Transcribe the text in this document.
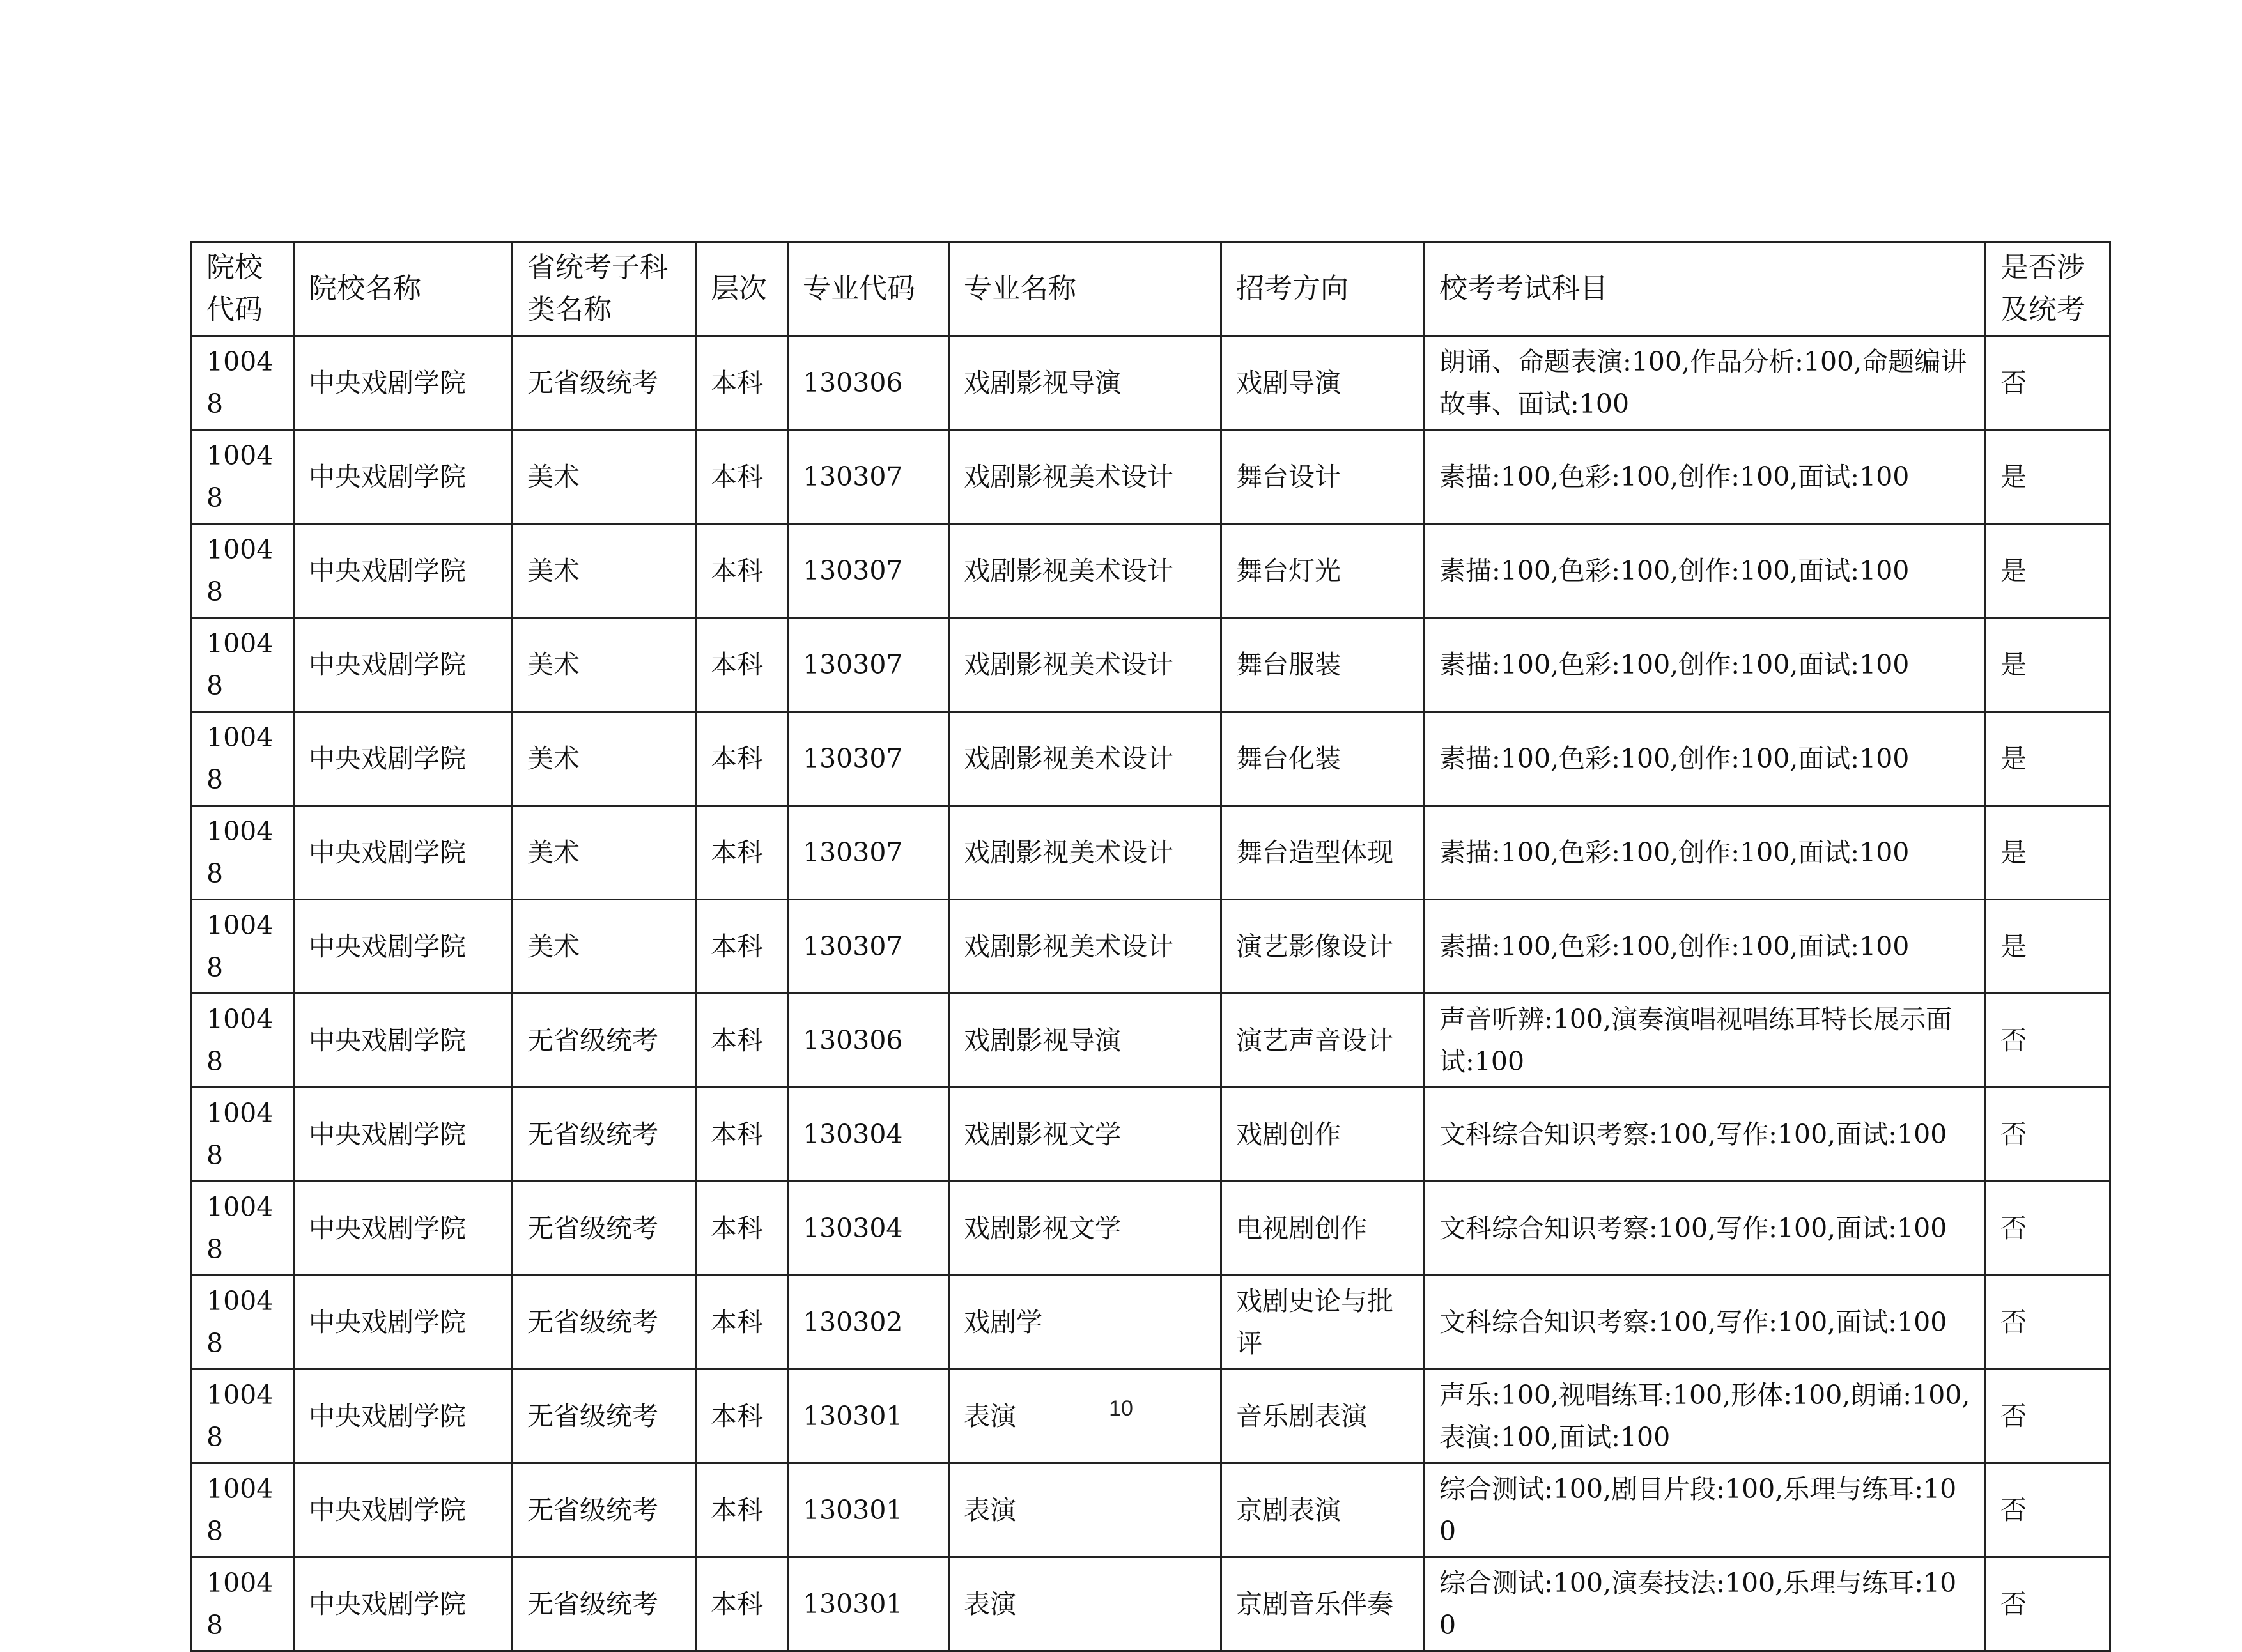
院校代码	院校名称	省统考子科类名称	层次	专业代码	专业名称	招考方向	校考考试科目	是否涉及统考
10048	中央戏剧学院	无省级统考	本科	130306	戏剧影视导演	戏剧导演	朗诵、命题表演:100,作品分析:100,命题编讲故事、面试:100	否
10048	中央戏剧学院	美术	本科	130307	戏剧影视美术设计	舞台设计	素描:100,色彩:100,创作:100,面试:100	是
10048	中央戏剧学院	美术	本科	130307	戏剧影视美术设计	舞台灯光	素描:100,色彩:100,创作:100,面试:100	是
10048	中央戏剧学院	美术	本科	130307	戏剧影视美术设计	舞台服装	素描:100,色彩:100,创作:100,面试:100	是
10048	中央戏剧学院	美术	本科	130307	戏剧影视美术设计	舞台化装	素描:100,色彩:100,创作:100,面试:100	是
10048	中央戏剧学院	美术	本科	130307	戏剧影视美术设计	舞台造型体现	素描:100,色彩:100,创作:100,面试:100	是
10048	中央戏剧学院	美术	本科	130307	戏剧影视美术设计	演艺影像设计	素描:100,色彩:100,创作:100,面试:100	是
10048	中央戏剧学院	无省级统考	本科	130306	戏剧影视导演	演艺声音设计	声音听辨:100,演奏演唱视唱练耳特长展示面试:100	否
10048	中央戏剧学院	无省级统考	本科	130304	戏剧影视文学	戏剧创作	文科综合知识考察:100,写作:100,面试:100	否
10048	中央戏剧学院	无省级统考	本科	130304	戏剧影视文学	电视剧创作	文科综合知识考察:100,写作:100,面试:100	否
10048	中央戏剧学院	无省级统考	本科	130302	戏剧学	戏剧史论与批评	文科综合知识考察:100,写作:100,面试:100	否
10048	中央戏剧学院	无省级统考	本科	130301	表演	音乐剧表演	声乐:100,视唱练耳:100,形体:100,朗诵:100,表演:100,面试:100	否
10048	中央戏剧学院	无省级统考	本科	130301	表演	京剧表演	综合测试:100,剧目片段:100,乐理与练耳:100	否
10048	中央戏剧学院	无省级统考	本科	130301	表演	京剧音乐伴奏	综合测试:100,演奏技法:100,乐理与练耳:100	否
10
